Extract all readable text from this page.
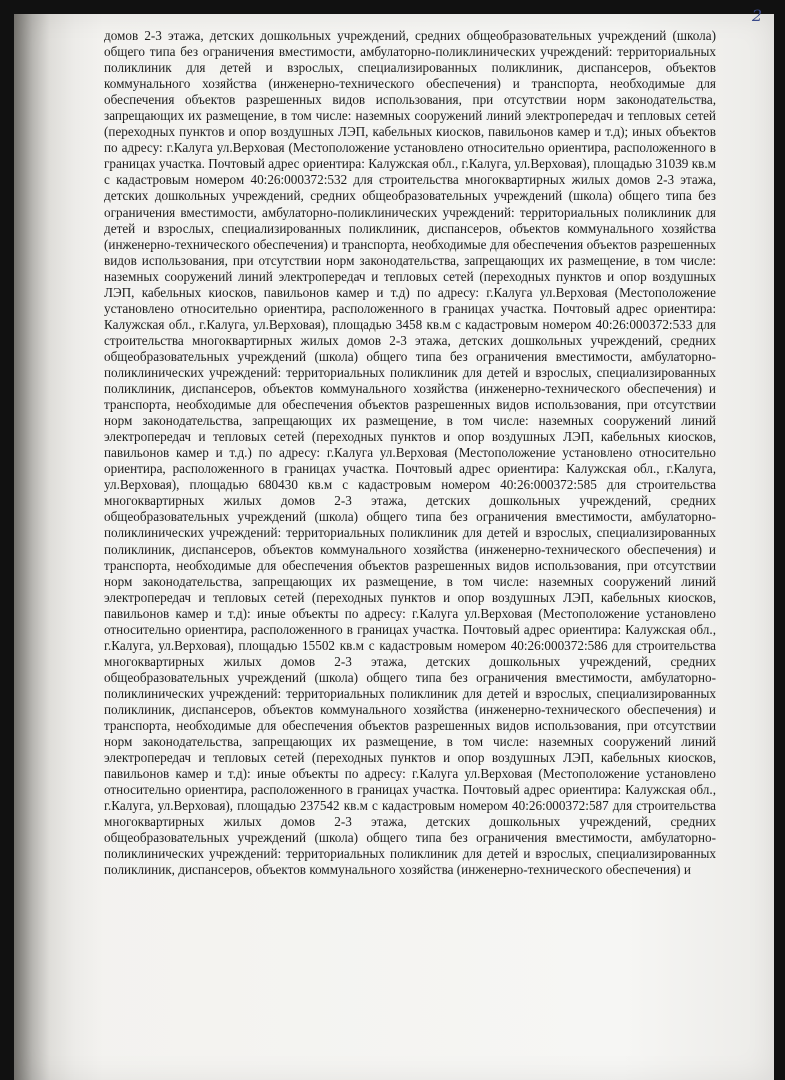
2

домов 2-3 этажа, детских дошкольных учреждений, средних общеобразовательных учреждений (школа) общего типа без ограничения вместимости, амбулаторно-поликлинических учреждений: территориальных поликлиник для детей и взрослых, специализированных поликлиник, диспансеров, объектов коммунального хозяйства (инженерно-технического обеспечения) и транспорта, необходимые для обеспечения объектов разрешенных видов использования, при отсутствии норм законодательства, запрещающих их размещение, в том числе: наземных сооружений линий электропередач и тепловых сетей (переходных пунктов и опор воздушных ЛЭП, кабельных киосков, павильонов камер и т.д); иных объектов по адресу: г.Калуга ул.Верховая (Местоположение установлено относительно ориентира, расположенного в границах участка. Почтовый адрес ориентира: Калужская обл., г.Калуга, ул.Верховая), площадью 31039 кв.м с кадастровым номером 40:26:000372:532 для строительства многоквартирных жилых домов 2-3 этажа, детских дошкольных учреждений, средних общеобразовательных учреждений (школа) общего типа без ограничения вместимости, амбулаторно-поликлинических учреждений: территориальных поликлиник для детей и взрослых, специализированных поликлиник, диспансеров, объектов коммунального хозяйства (инженерно-технического обеспечения) и транспорта, необходимые для обеспечения объектов разрешенных видов использования, при отсутствии норм законодательства, запрещающих их размещение, в том числе: наземных сооружений линий электропередач и тепловых сетей (переходных пунктов и опор воздушных ЛЭП, кабельных киосков, павильонов камер и т.д) по адресу: г.Калуга ул.Верховая (Местоположение установлено относительно ориентира, расположенного в границах участка. Почтовый адрес ориентира: Калужская обл., г.Калуга, ул.Верховая), площадью 3458 кв.м с кадастровым номером 40:26:000372:533 для строительства многоквартирных жилых домов 2-3 этажа, детских дошкольных учреждений, средних общеобразовательных учреждений (школа) общего типа без ограничения вместимости, амбулаторно-поликлинических учреждений: территориальных поликлиник для детей и взрослых, специализированных поликлиник, диспансеров, объектов коммунального хозяйства (инженерно-технического обеспечения) и транспорта, необходимые для обеспечения объектов разрешенных видов использования, при отсутствии норм законодательства, запрещающих их размещение, в том числе: наземных сооружений линий электропередач и тепловых сетей (переходных пунктов и опор воздушных ЛЭП, кабельных киосков, павильонов камер и т.д.) по адресу: г.Калуга ул.Верховая (Местоположение установлено относительно ориентира, расположенного в границах участка. Почтовый адрес ориентира: Калужская обл., г.Калуга, ул.Верховая), площадью 680430 кв.м с кадастровым номером 40:26:000372:585 для строительства многоквартирных жилых домов 2-3 этажа, детских дошкольных учреждений, средних общеобразовательных учреждений (школа) общего типа без ограничения вместимости, амбулаторно-поликлинических учреждений: территориальных поликлиник для детей и взрослых, специализированных поликлиник, диспансеров, объектов коммунального хозяйства (инженерно-технического обеспечения) и транспорта, необходимые для обеспечения объектов разрешенных видов использования, при отсутствии норм законодательства, запрещающих их размещение, в том числе: наземных сооружений линий электропередач и тепловых сетей (переходных пунктов и опор воздушных ЛЭП, кабельных киосков, павильонов камер и т.д): иные объекты по адресу: г.Калуга ул.Верховая (Местоположение установлено относительно ориентира, расположенного в границах участка. Почтовый адрес ориентира: Калужская обл., г.Калуга, ул.Верховая), площадью 15502 кв.м с кадастровым номером 40:26:000372:586 для строительства многоквартирных жилых домов 2-3 этажа, детских дошкольных учреждений, средних общеобразовательных учреждений (школа) общего типа без ограничения вместимости, амбулаторно-поликлинических учреждений: территориальных поликлиник для детей и взрослых, специализированных поликлиник, диспансеров, объектов коммунального хозяйства (инженерно-технического обеспечения) и транспорта, необходимые для обеспечения объектов разрешенных видов использования, при отсутствии норм законодательства, запрещающих их размещение, в том числе: наземных сооружений линий электропередач и тепловых сетей (переходных пунктов и опор воздушных ЛЭП, кабельных киосков, павильонов камер и т.д): иные объекты по адресу: г.Калуга ул.Верховая (Местоположение установлено относительно ориентира, расположенного в границах участка. Почтовый адрес ориентира: Калужская обл., г.Калуга, ул.Верховая), площадью 237542 кв.м с кадастровым номером 40:26:000372:587 для строительства многоквартирных жилых домов 2-3 этажа, детских дошкольных учреждений, средних общеобразовательных учреждений (школа) общего типа без ограничения вместимости, амбулаторно-поликлинических учреждений: территориальных поликлиник для детей и взрослых, специализированных поликлиник, диспансеров, объектов коммунального хозяйства (инженерно-технического обеспечения) и
